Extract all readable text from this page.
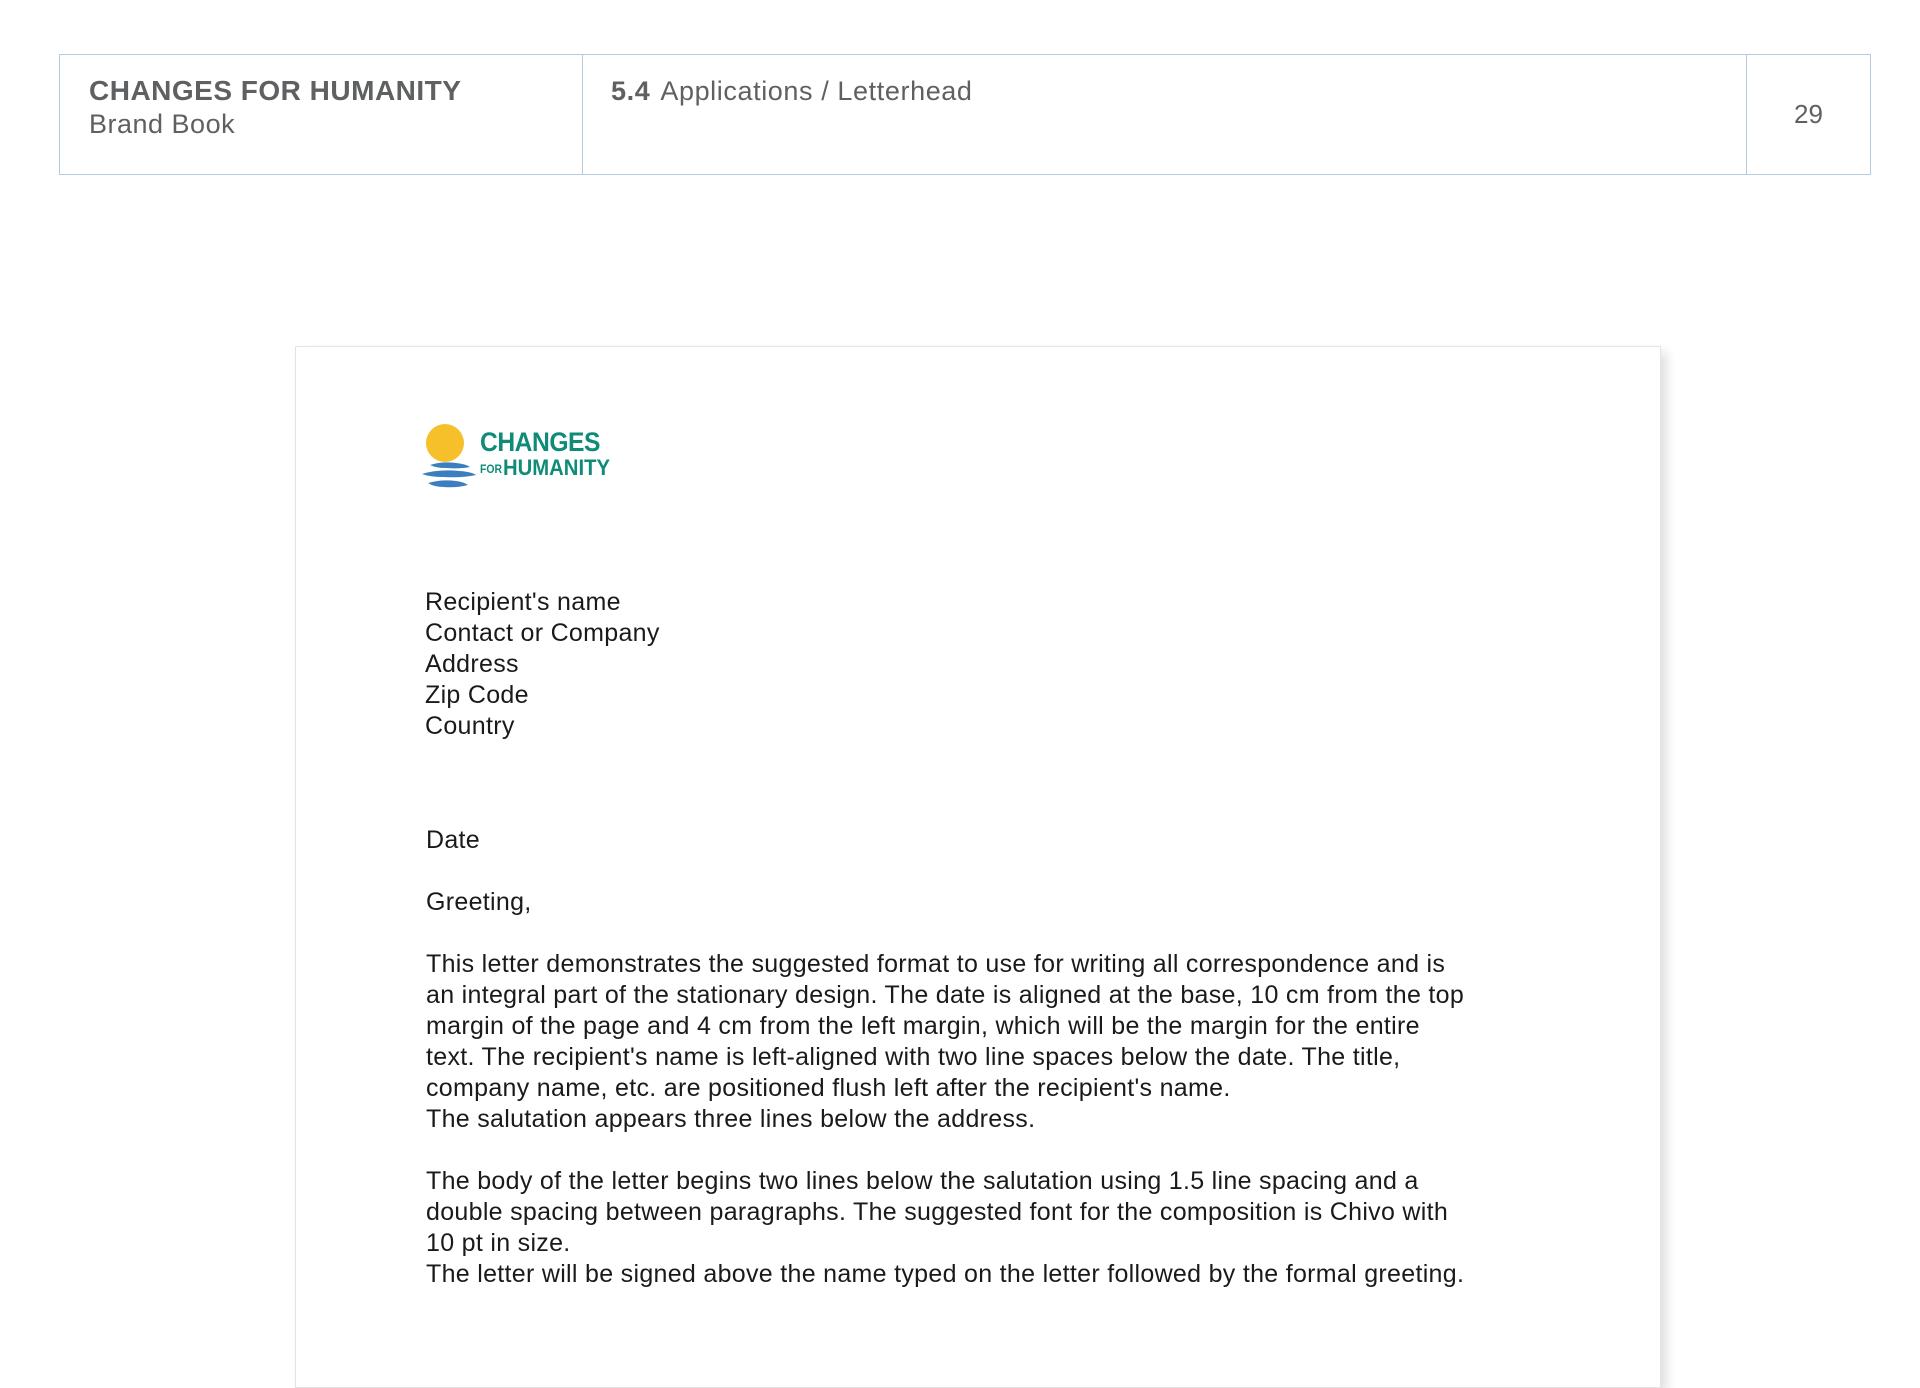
CHANGES FOR HUMANITY
Brand Book
5.4 Applications / Letterhead
29
CHANGES
FOR HUMANITY
Recipient's name
Contact or Company
Address
Zip Code
Country
Date
Greeting,

This letter demonstrates the suggested format to use for writing all correspondence and is
an integral part of the stationary design. The date is aligned at the base, 10 cm from the top
margin of the page and 4 cm from the left margin, which will be the margin for the entire
text. The recipient's name is left-aligned with two line spaces below the date. The title,
company name, etc. are positioned flush left after the recipient's name.
The salutation appears three lines below the address.

The body of the letter begins two lines below the salutation using 1.5 line spacing and a
double spacing between paragraphs. The suggested font for the composition is Chivo with
10 pt in size.
The letter will be signed above the name typed on the letter followed by the formal greeting.
